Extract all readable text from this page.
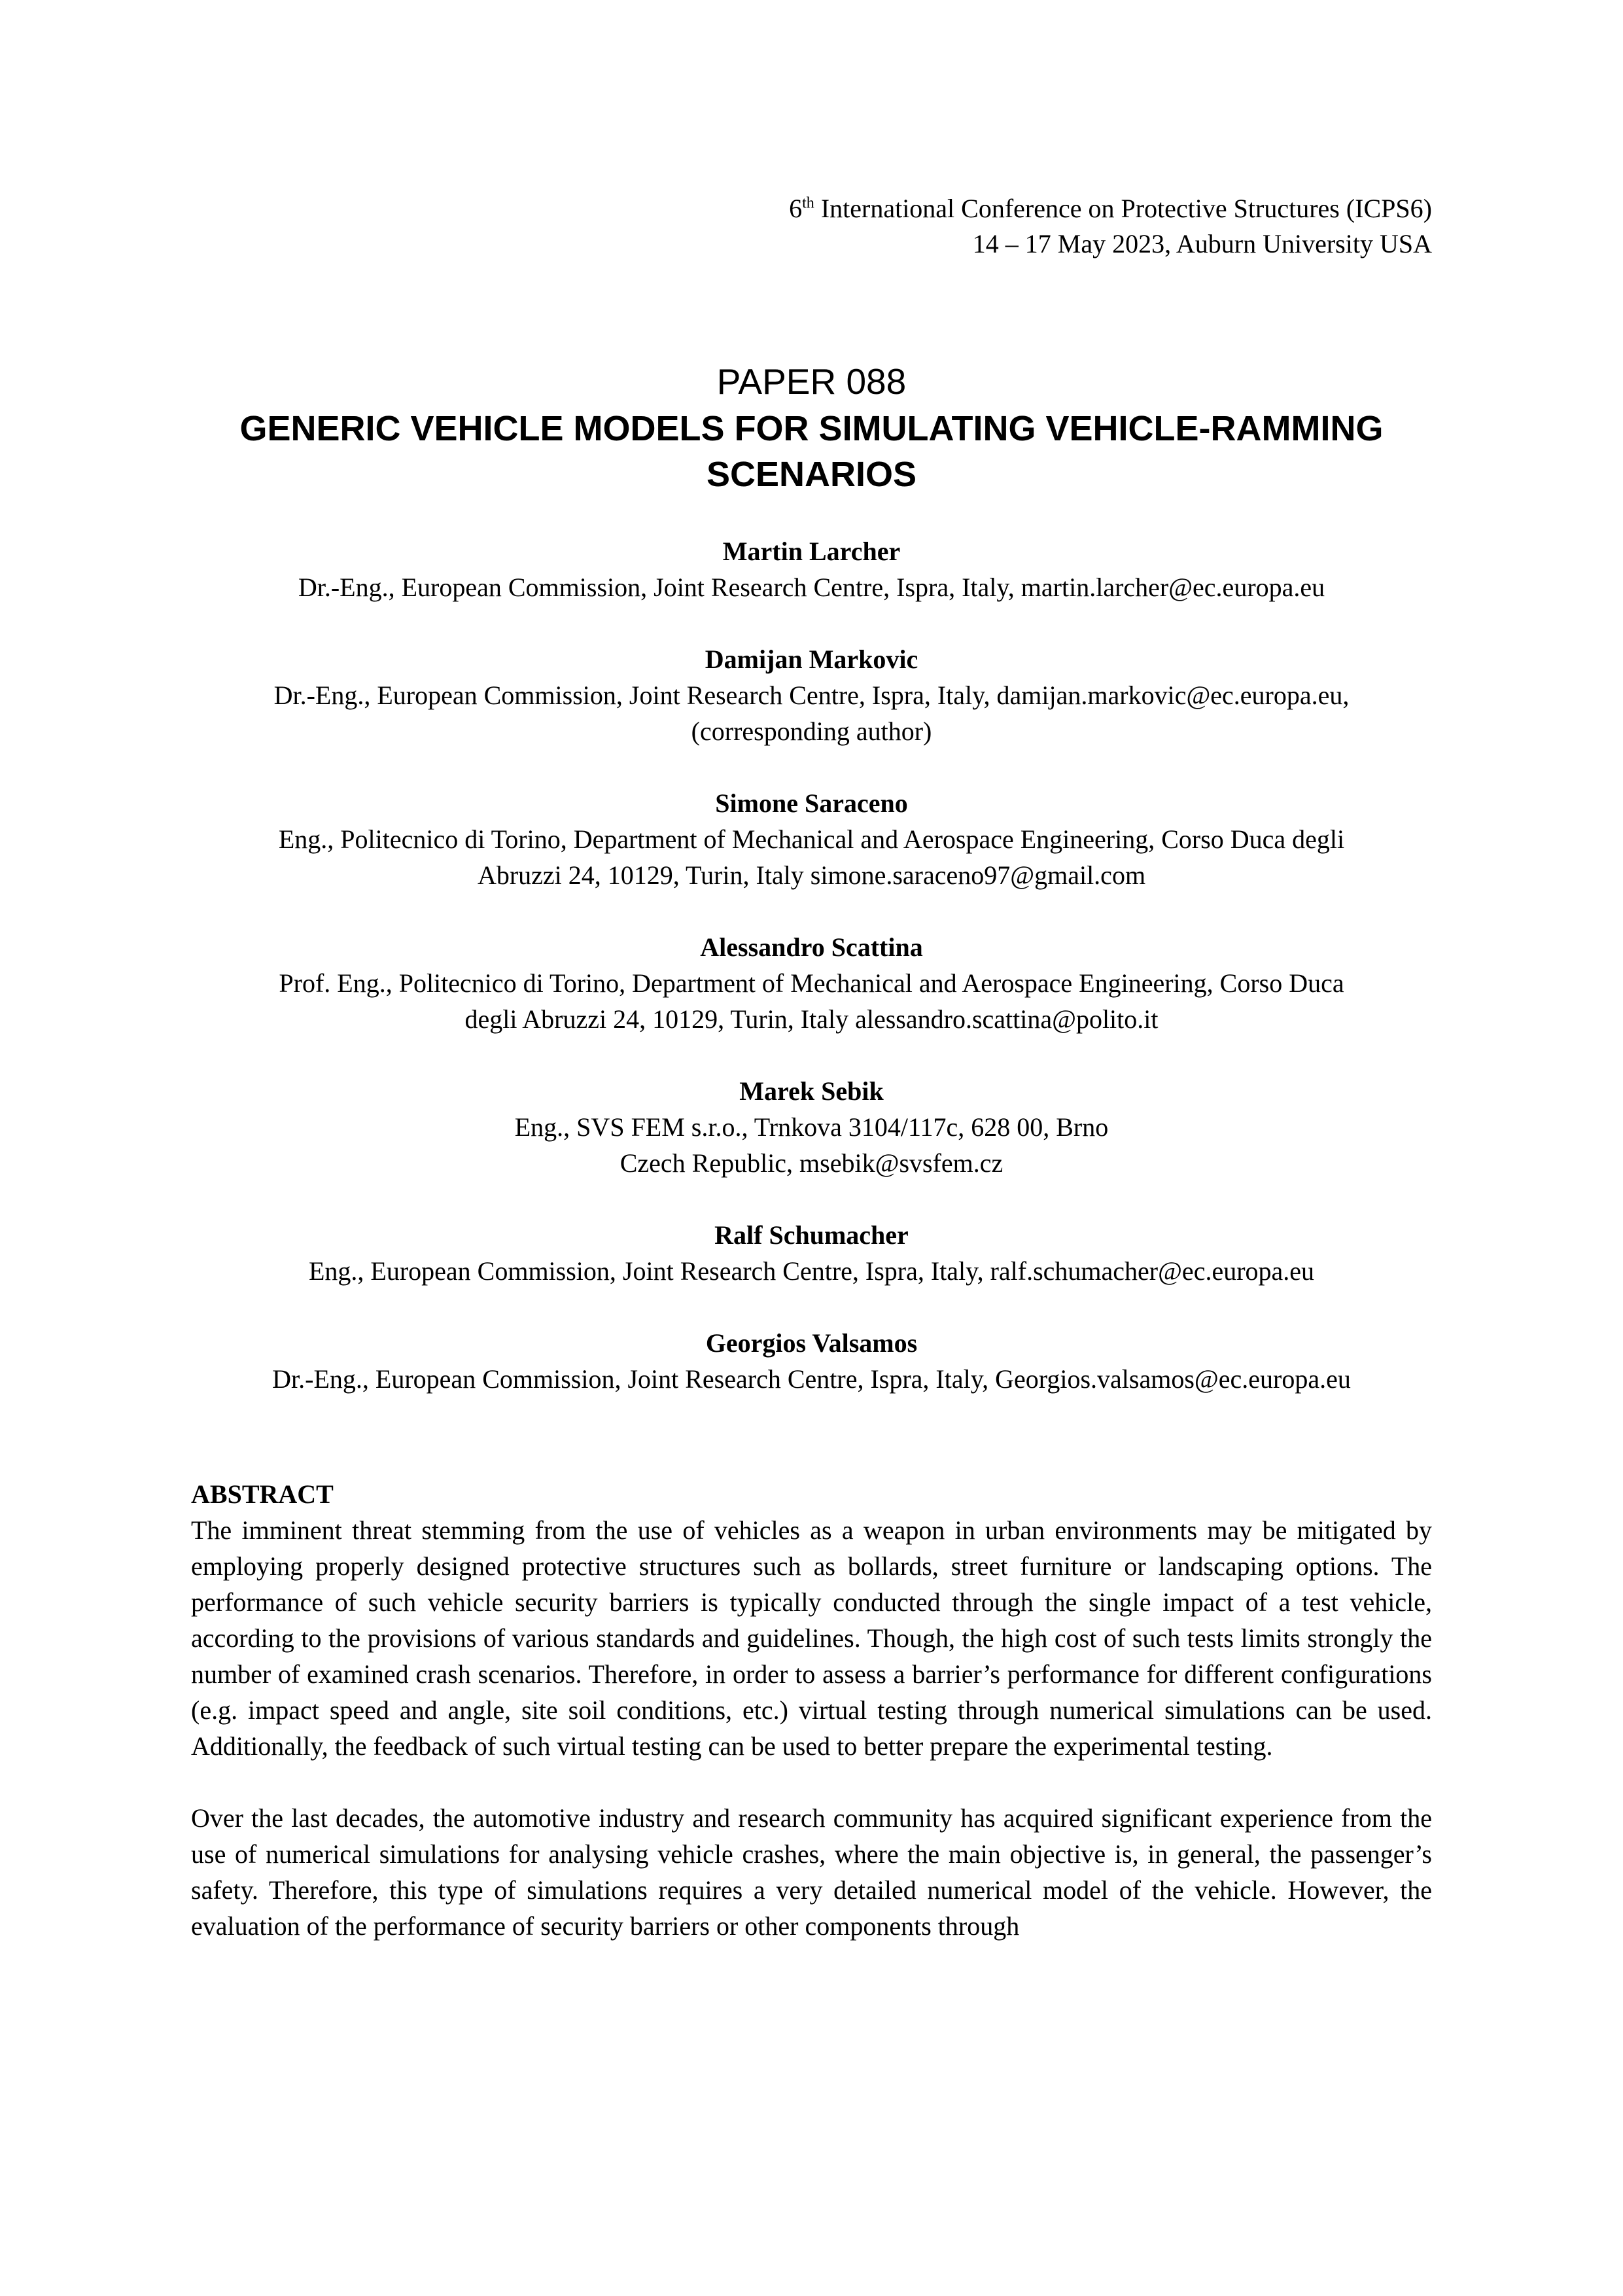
6th International Conference on Protective Structures (ICPS6)
14 – 17 May 2023, Auburn University USA
PAPER 088
GENERIC VEHICLE MODELS FOR SIMULATING VEHICLE-RAMMING
SCENARIOS
Martin Larcher
Dr.-Eng., European Commission, Joint Research Centre, Ispra, Italy, martin.larcher@ec.europa.eu
Damijan Markovic
Dr.-Eng., European Commission, Joint Research Centre, Ispra, Italy, damijan.markovic@ec.europa.eu,
(corresponding author)
Simone Saraceno
Eng., Politecnico di Torino, Department of Mechanical and Aerospace Engineering, Corso Duca degli
Abruzzi 24, 10129, Turin, Italy simone.saraceno97@gmail.com
Alessandro Scattina
Prof. Eng., Politecnico di Torino, Department of Mechanical and Aerospace Engineering, Corso Duca
degli Abruzzi 24, 10129, Turin, Italy alessandro.scattina@polito.it
Marek Sebik
Eng., SVS FEM s.r.o., Trnkova 3104/117c, 628 00, Brno
Czech Republic, msebik@svsfem.cz
Ralf Schumacher
Eng., European Commission, Joint Research Centre, Ispra, Italy, ralf.schumacher@ec.europa.eu
Georgios Valsamos
Dr.-Eng., European Commission, Joint Research Centre, Ispra, Italy, Georgios.valsamos@ec.europa.eu
ABSTRACT

The imminent threat stemming from the use of vehicles as a weapon in urban environments may be mitigated by employing properly designed protective structures such as bollards, street furniture or landscaping options. The performance of such vehicle security barriers is typically conducted through the single impact of a test vehicle, according to the provisions of various standards and guidelines. Though, the high cost of such tests limits strongly the number of examined crash scenarios. Therefore, in order to assess a barrier’s performance for different configurations (e.g. impact speed and angle, site soil conditions, etc.) virtual testing through numerical simulations can be used. Additionally, the feedback of such virtual testing can be used to better prepare the experimental testing.

Over the last decades, the automotive industry and research community has acquired significant experience from the use of numerical simulations for analysing vehicle crashes, where the main objective is, in general, the passenger’s safety. Therefore, this type of simulations requires a very detailed numerical model of the vehicle. However, the evaluation of the performance of security barriers or other components through
